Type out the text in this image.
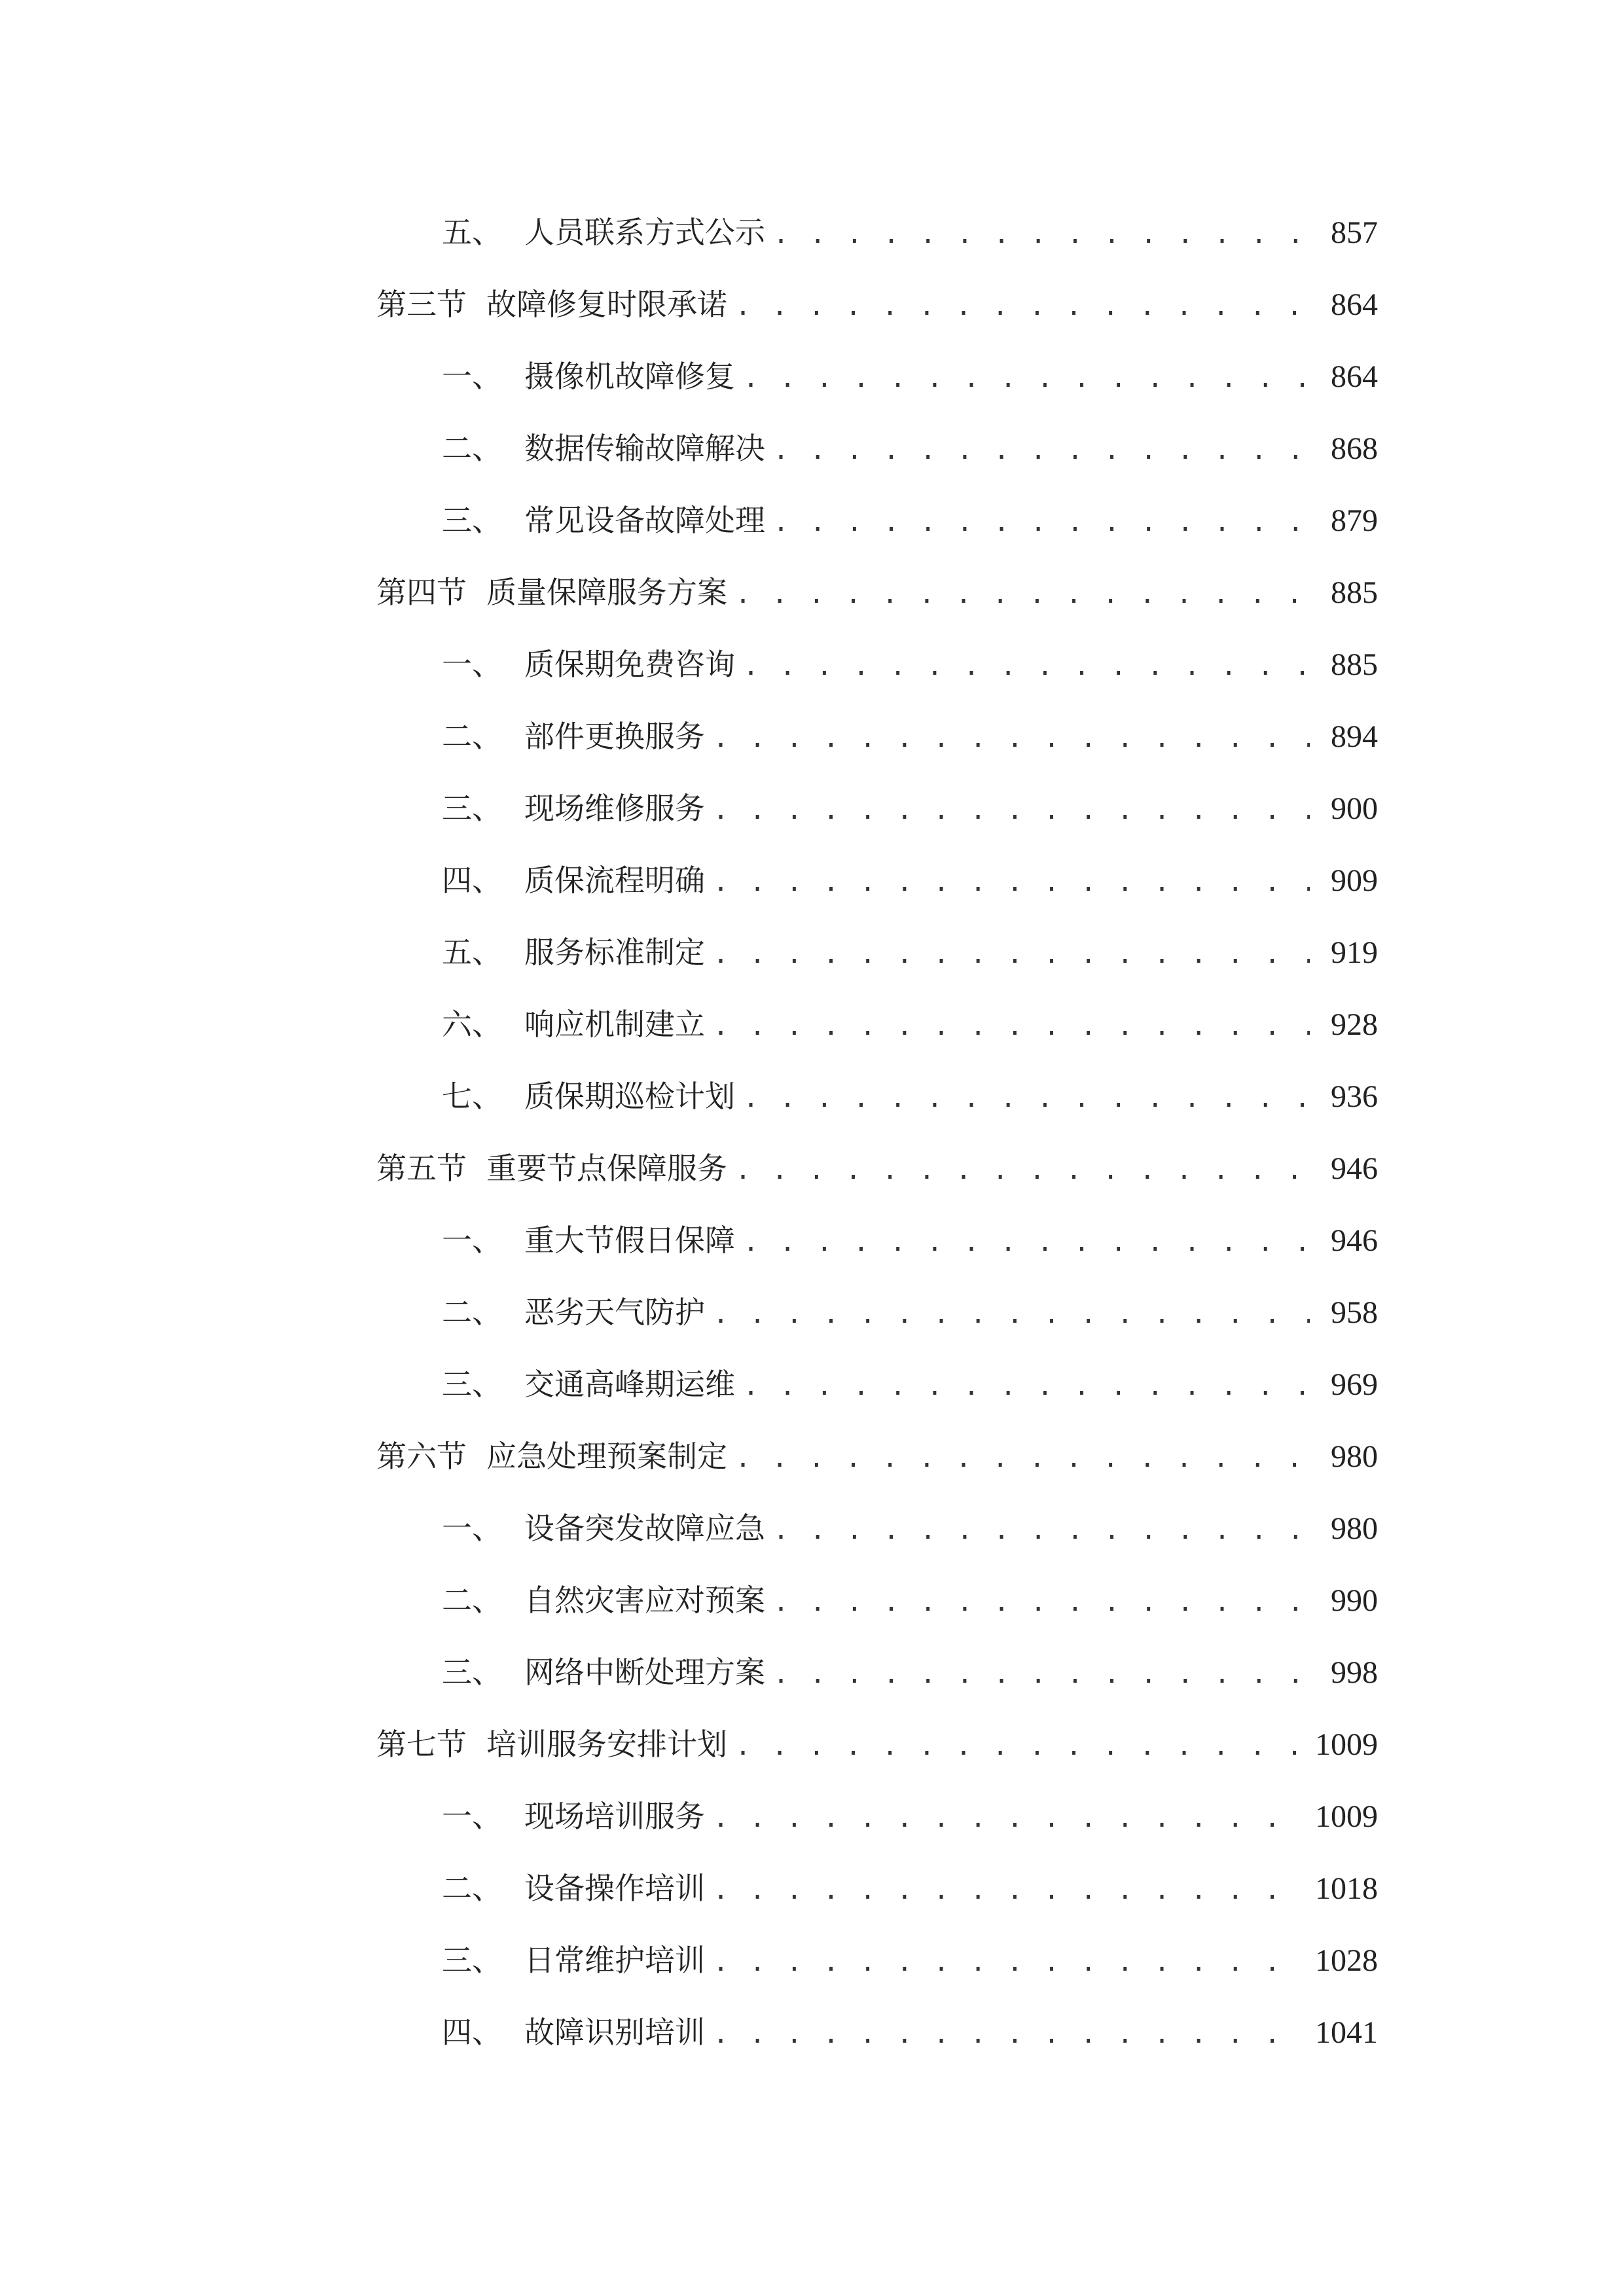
五、 人员联系方式公示 . . .	857
第三节 故障修复时限承诺 . . .	864
一、 摄像机故障修复 . . .	864
二、 数据传输故障解决 . . .	868
三、 常见设备故障处理 . . .	879
第四节 质量保障服务方案 . . .	885
一、 质保期免费咨询 . . .	885
二、 部件更换服务 . . .	894
三、 现场维修服务 . . .	900
四、 质保流程明确 . . .	909
五、 服务标准制定 . . .	919
六、 响应机制建立 . . .	928
七、 质保期巡检计划 . . .	936
第五节 重要节点保障服务 . . .	946
一、 重大节假日保障 . . .	946
二、 恶劣天气防护 . . .	958
三、 交通高峰期运维 . . .	969
第六节 应急处理预案制定 . . .	980
一、 设备突发故障应急 . . .	980
二、 自然灾害应对预案 . . .	990
三、 网络中断处理方案 . . .	998
第七节 培训服务安排计划 . . .	1009
一、 现场培训服务 . . .	1009
二、 设备操作培训 . . .	1018
三、 日常维护培训 . . .	1028
四、 故障识别培训 . . .	1041
